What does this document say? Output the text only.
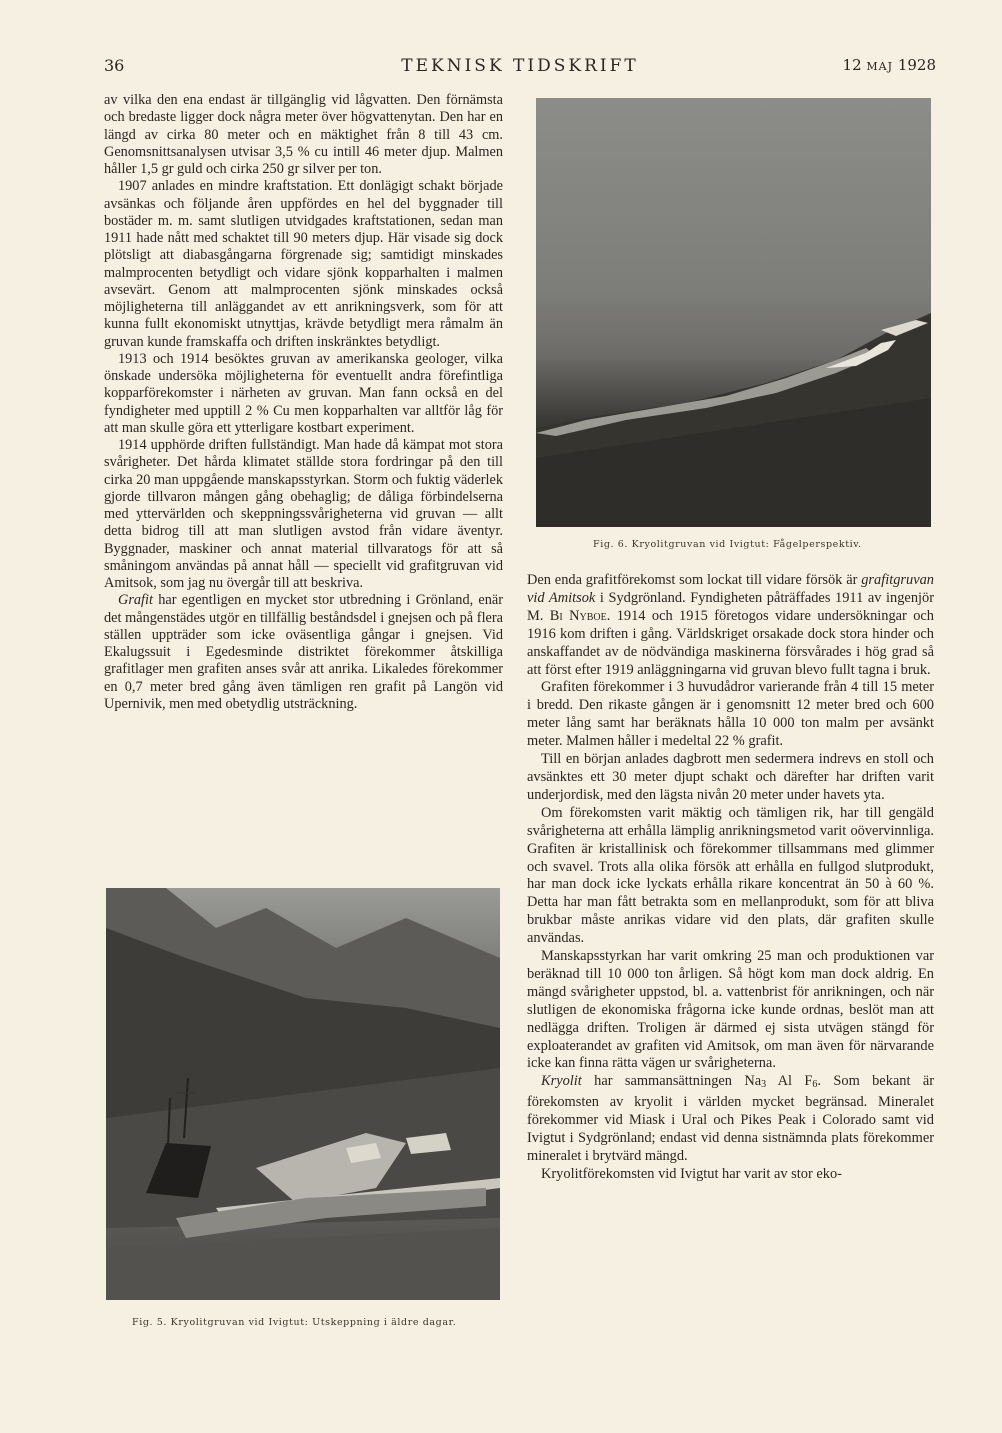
36	TEKNISK TIDSKRIFT	12 MAJ 1928

av vilka den ena endast är tillgänglig vid lågvatten. Den förnämsta och bredaste ligger dock några meter över högvattenytan. Den har en längd av cirka 80 meter och en mäktighet från 8 till 43 cm. Genomsnittsanalysen utvisar 3,5 % cu intill 46 meter djup. Malmen håller 1,5 gr guld och cirka 250 gr silver per ton.

1907 anlades en mindre kraftstation. Ett donlägigt schakt började avsänkas och följande åren uppfördes en hel del byggnader till bostäder m. m. samt slutligen utvidgades kraftstationen, sedan man 1911 hade nått med schaktet till 90 meters djup. Här visade sig dock plötsligt att diabasgångarna förgrenade sig; samtidigt minskades malmprocenten betydligt och vidare sjönk kopparhalten i malmen avsevärt. Genom att malmprocenten sjönk minskades också möjligheterna till anläggandet av ett anrikningsverk, som för att kunna fullt ekonomiskt utnyttjas, krävde betydligt mera råmalm än gruvan kunde framskaffa och driften inskränktes betydligt.

1913 och 1914 besöktes gruvan av amerikanska geologer, vilka önskade undersöka möjligheterna för eventuellt andra förefintliga kopparförekomster i närheten av gruvan. Man fann också en del fyndigheter med upptill 2 % Cu men kopparhalten var alltför låg för att man skulle göra ett ytterligare kostbart experiment.

1914 upphörde driften fullständigt. Man hade då kämpat mot stora svårigheter. Det hårda klimatet ställde stora fordringar på den till cirka 20 man uppgående manskapsstyrkan. Storm och fuktig väderlek gjorde tillvaron mången gång obehaglig; de dåliga förbindelserna med yttervärlden och skeppningssvårigheterna vid gruvan — allt detta bidrog till att man slutligen avstod från vidare äventyr. Byggnader, maskiner och annat material tillvaratogs för att så småningom användas på annat håll — speciellt vid grafitgruvan vid Amitsok, som jag nu övergår till att beskriva.

Grafit har egentligen en mycket stor utbredning i Grönland, enär det mångenstädes utgör en tillfällig beståndsdel i gnejsen och på flera ställen uppträder som icke oväsentliga gångar i gnejsen. Vid Ekalugssuit i Egedesminde distriktet förekommer åtskilliga grafitlager men grafiten anses svår att anrika. Likaledes förekommer en 0,7 meter bred gång även tämligen ren grafit på Langön vid Upernivik, men med obetydlig utsträckning.

Fig. 6. Kryolitgruvan vid Ivigtut: Fågelperspektiv.

Den enda grafitförekomst som lockat till vidare försök är grafitgruvan vid Amitsok i Sydgrönland. Fyndigheten påträffades 1911 av ingenjör M. Bi Nyboe. 1914 och 1915 företogos vidare undersökningar och 1916 kom driften i gång. Världskriget orsakade dock stora hinder och anskaffandet av de nödvändiga maskinerna försvårades i hög grad så att först efter 1919 anläggningarna vid gruvan blevo fullt tagna i bruk.

Grafiten förekommer i 3 huvudådror varierande från 4 till 15 meter i bredd. Den rikaste gången är i genomsnitt 12 meter bred och 600 meter lång samt har beräknats hålla 10 000 ton malm per avsänkt meter. Malmen håller i medeltal 22 % grafit.

Till en början anlades dagbrott men sedermera indrevs en stoll och avsänktes ett 30 meter djupt schakt och därefter har driften varit underjordisk, med den lägsta nivån 20 meter under havets yta.

Om förekomsten varit mäktig och tämligen rik, har till gengäld svårigheterna att erhålla lämplig anrikningsmetod varit oövervinnliga. Grafiten är kristallinisk och förekommer tillsammans med glimmer och svavel. Trots alla olika försök att erhålla en fullgod slutprodukt, har man dock icke lyckats erhålla rikare koncentrat än 50 à 60 %. Detta har man fått betrakta som en mellanprodukt, som för att bliva brukbar måste anrikas vidare vid den plats, där grafiten skulle användas.

Manskapsstyrkan har varit omkring 25 man och produktionen var beräknad till 10 000 ton årligen. Så högt kom man dock aldrig. En mängd svårigheter uppstod, bl. a. vattenbrist för anrikningen, och när slutligen de ekonomiska frågorna icke kunde ordnas, beslöt man att nedlägga driften. Troligen är därmed ej sista utvägen stängd för exploaterandet av grafiten vid Amitsok, om man även för närvarande icke kan finna rätta vägen ur svårigheterna.

Kryolit har sammansättningen $Na_3$ Al $F_6$. Som bekant är förekomsten av kryolit i världen mycket begränsad. Mineralet förekommer vid Miask i Ural och Pikes Peak i Colorado samt vid Ivigtut i Sydgrönland; endast vid denna sistnämnda plats förekommer mineralet i brytvärd mängd.

Kryolitförekomsten vid Ivigtut har varit av stor eko-

Fig. 5. Kryolitgruvan vid Ivigtut: Utskeppning i äldre dagar.
